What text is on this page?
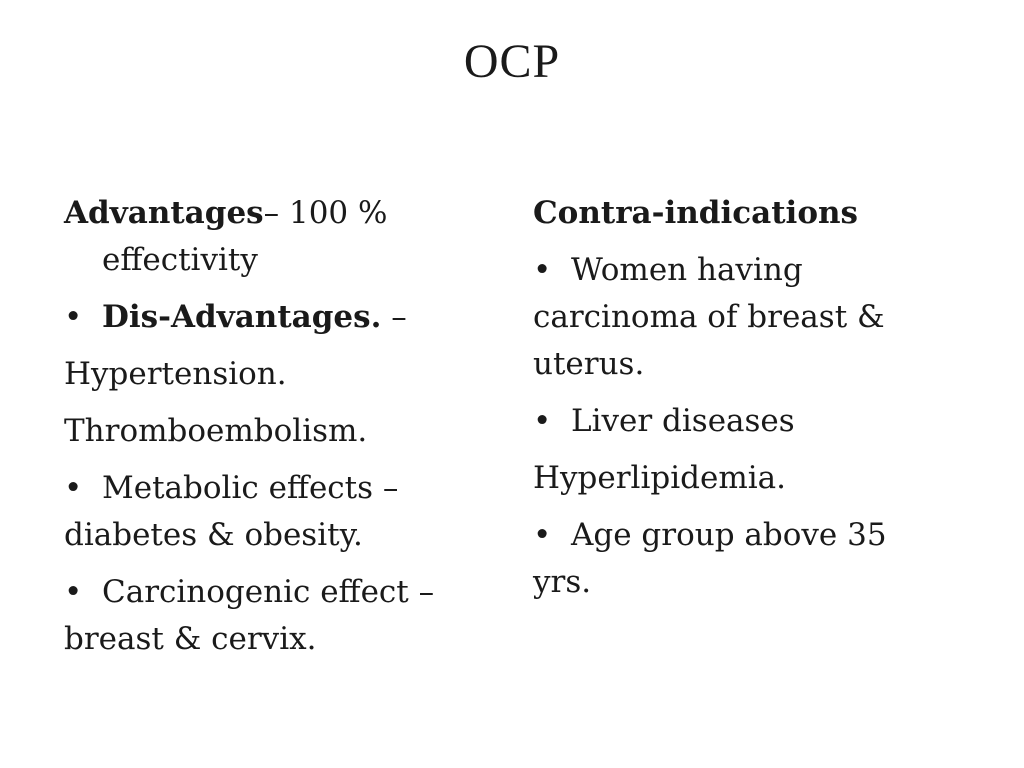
OCP
Advantages– 100 % effectivity
• Dis-Advantages. –
Hypertension.
Thromboembolism.
• Metabolic effects – diabetes & obesity.
• Carcinogenic effect – breast & cervix.
Contra-indications
• Women having carcinoma of breast & uterus.
• Liver diseases
Hyperlipidemia.
• Age group above 35 yrs.
